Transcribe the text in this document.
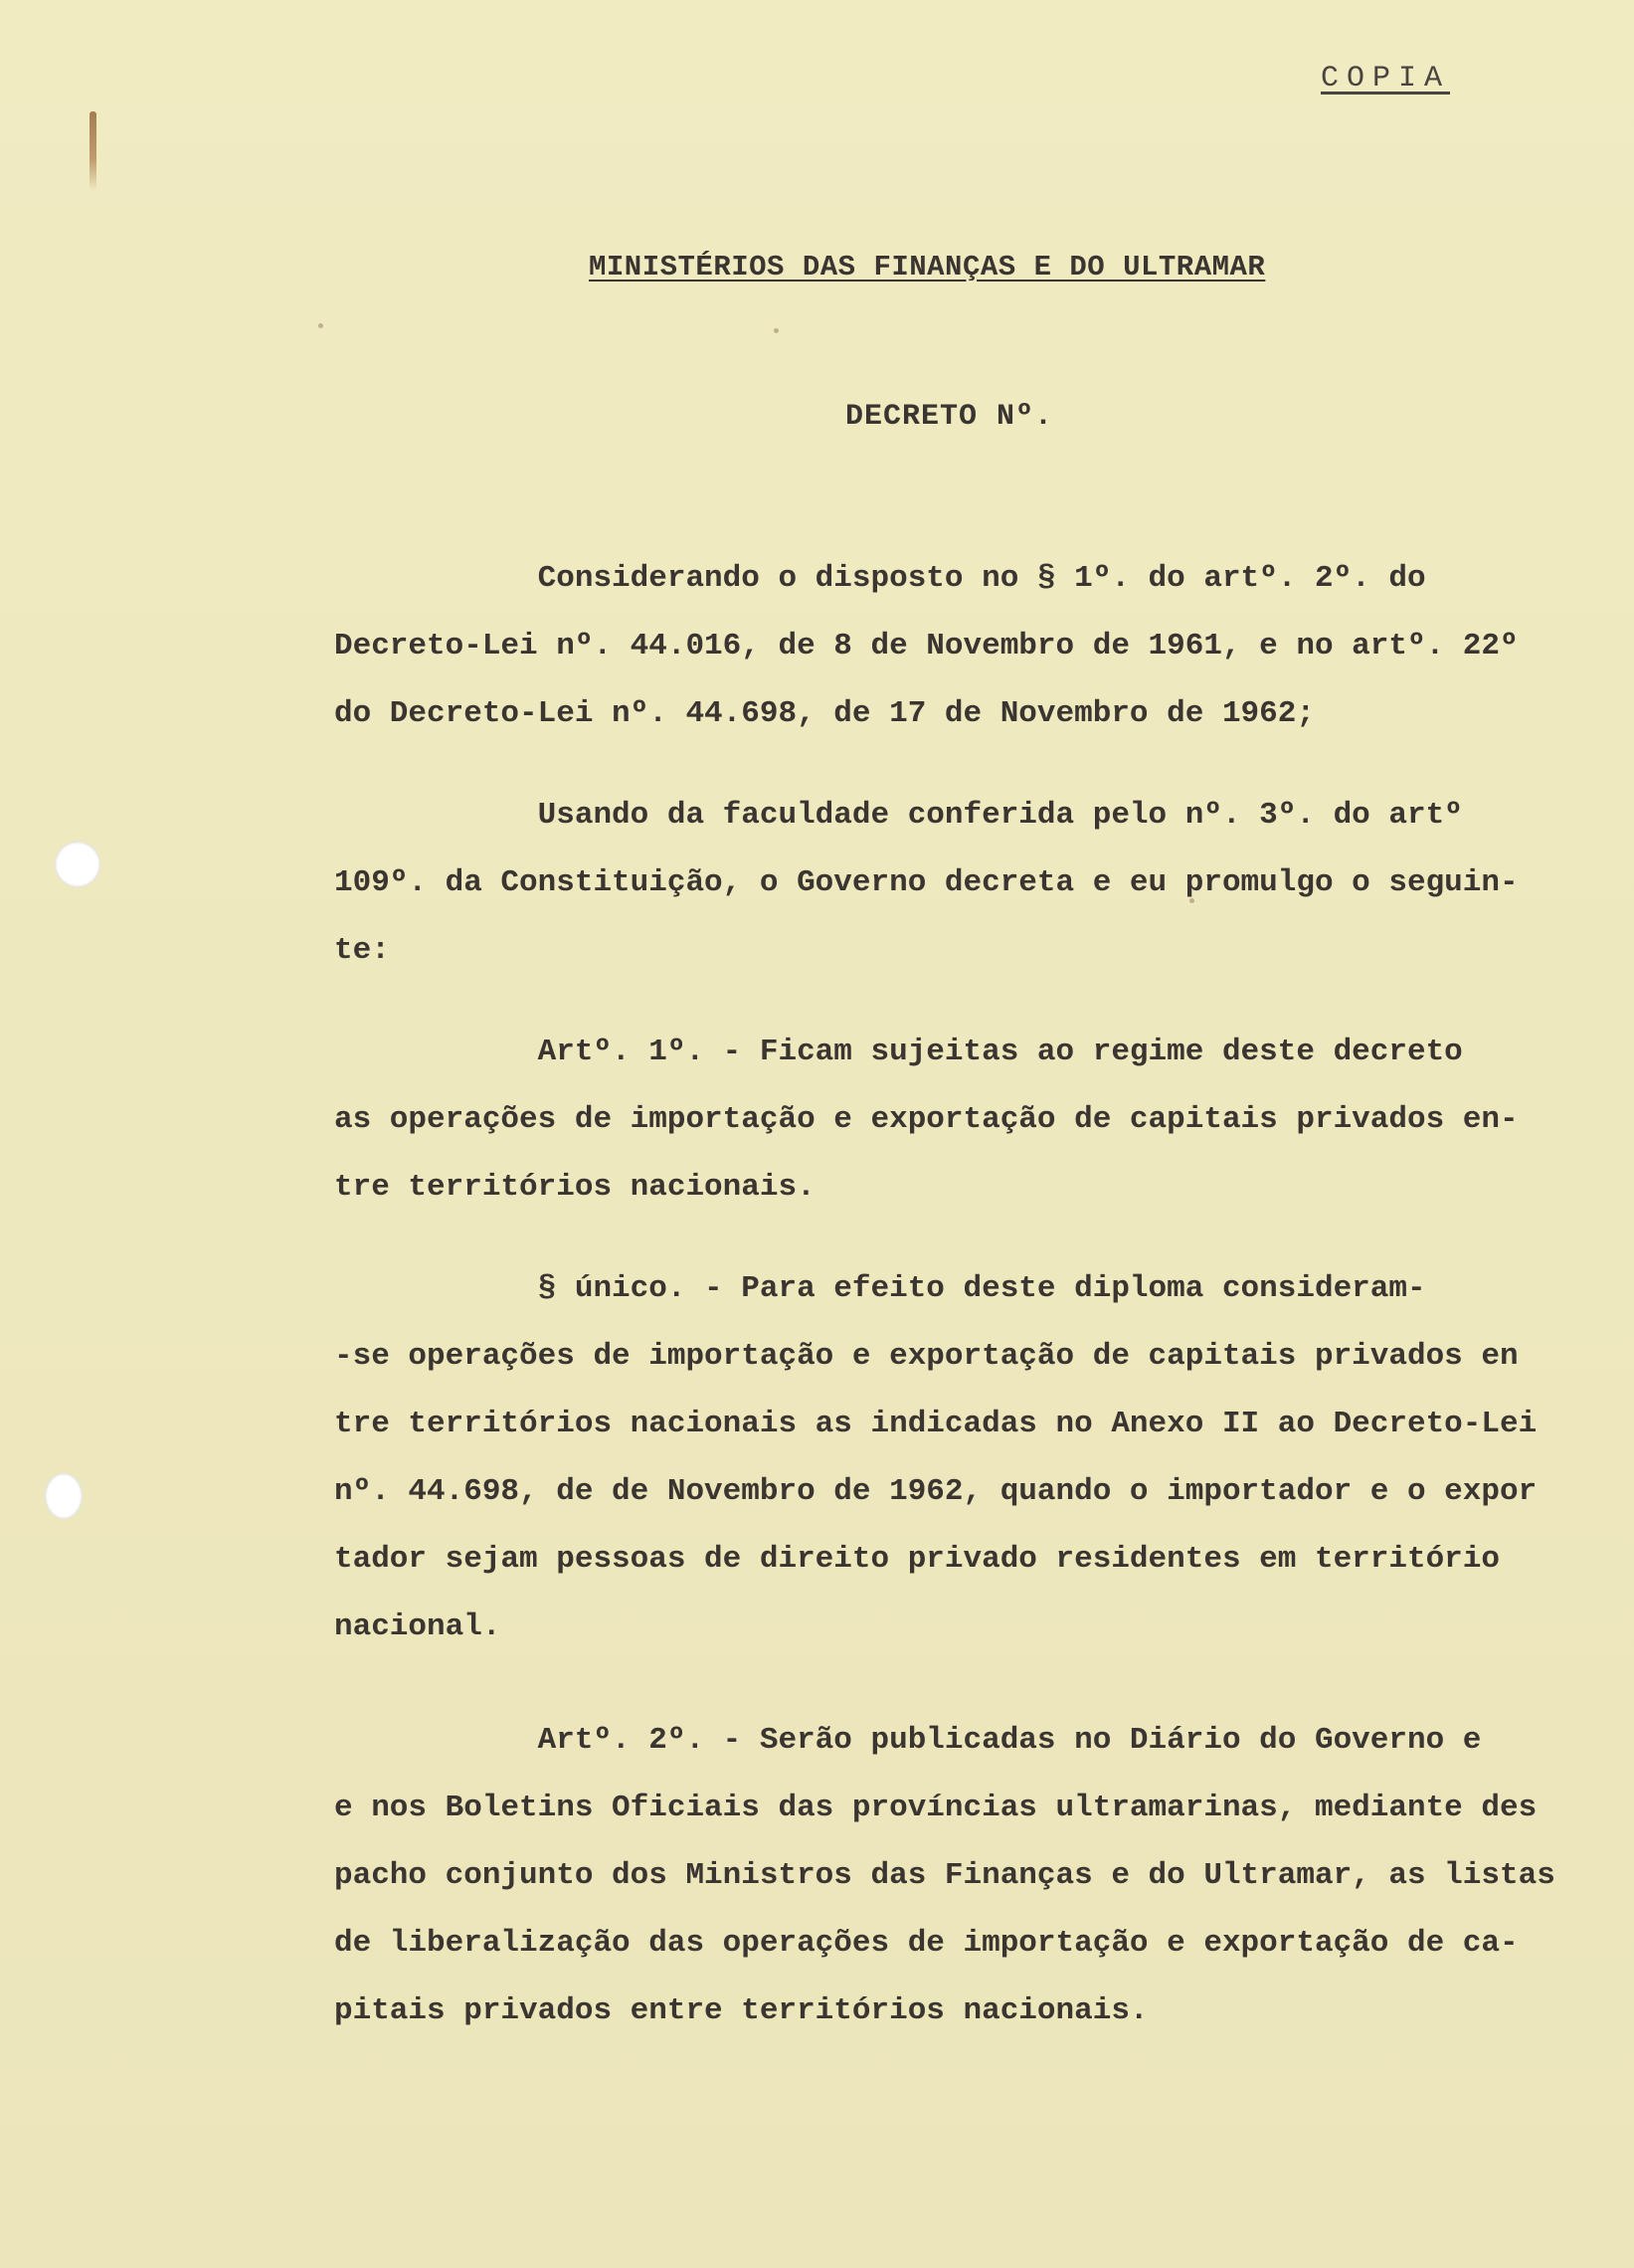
COPIA
MINISTÉRIOS DAS FINANÇAS E DO ULTRAMAR
DECRETO Nº.

Considerando o disposto no § 1º. do artº. 2º. do

Decreto-Lei nº. 44.016, de 8 de Novembro de 1961, e no artº. 22º

do Decreto-Lei nº. 44.698, de 17 de Novembro de 1962;

Usando da faculdade conferida pelo nº. 3º. do artº

109º. da Constituição, o Governo decreta e eu promulgo o seguin-

te:

Artº. 1º. - Ficam sujeitas ao regime deste decreto

as operações de importação e exportação de capitais privados en-

tre territórios nacionais.

§ único. - Para efeito deste diploma consideram-

-se operações de importação e exportação de capitais privados en

tre territórios nacionais as indicadas no Anexo II ao Decreto-Lei

nº. 44.698, de de Novembro de 1962, quando o importador e o expor

tador sejam pessoas de direito privado residentes em território

nacional.

Artº. 2º. - Serão publicadas no Diário do Governo e

e nos Boletins Oficiais das províncias ultramarinas, mediante des

pacho conjunto dos Ministros das Finanças e do Ultramar, as listas

de liberalização das operações de importação e exportação de ca-

pitais privados entre territórios nacionais.
